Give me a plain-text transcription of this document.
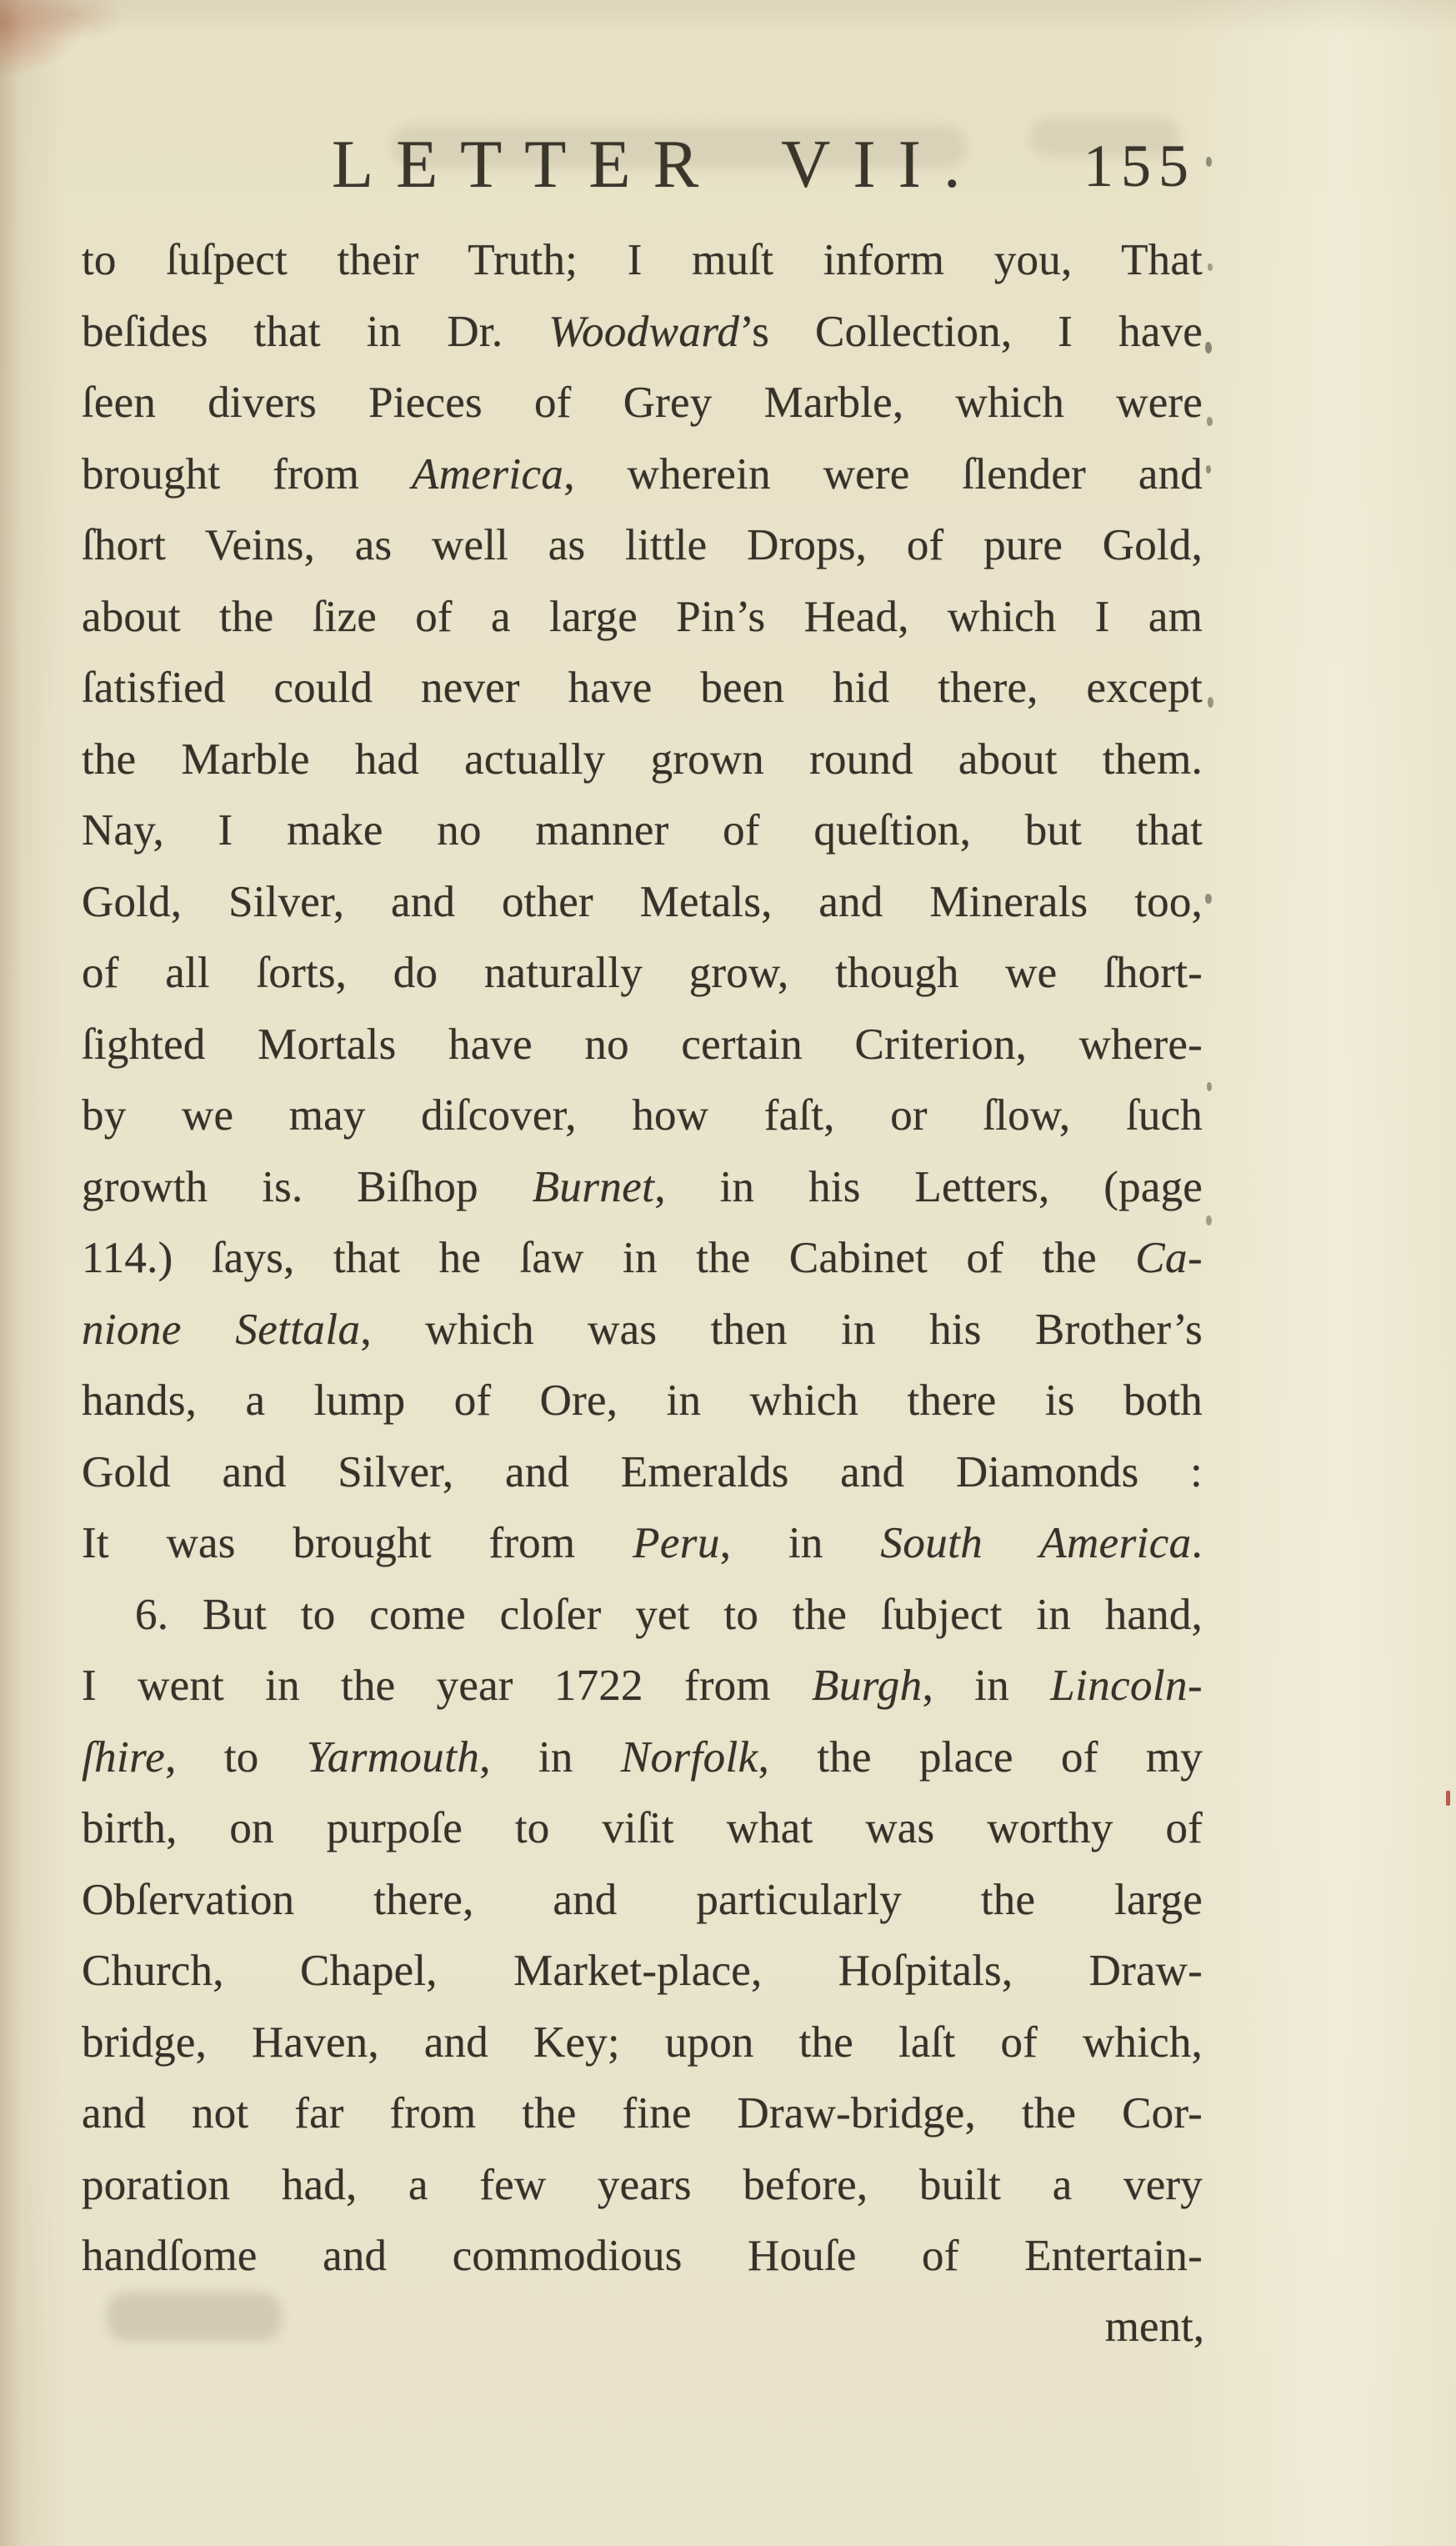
LETTER VII. 155
to ſuſpect their Truth; I muſt inform you, That
beſides that in Dr. Woodward’s Collection, I have
ſeen divers Pieces of Grey Marble, which were
brought from America, wherein were ſlender and
ſhort Veins, as well as little Drops, of pure Gold,
about the ſize of a large Pin’s Head, which I am
ſatisfied could never have been hid there, except
the Marble had actually grown round about them.
Nay, I make no manner of queſtion, but that
Gold, Silver, and other Metals, and Minerals too,
of all ſorts, do naturally grow, though we ſhort-
ſighted Mortals have no certain Criterion, where-
by we may diſcover, how faſt, or ſlow, ſuch
growth is. Biſhop Burnet, in his Letters, (page
114.) ſays, that he ſaw in the Cabinet of the Ca-
nione Settala, which was then in his Brother’s
hands, a lump of Ore, in which there is both
Gold and Silver, and Emeralds and Diamonds :
It was brought from Peru, in South America.
6. But to come cloſer yet to the ſubject in hand,
I went in the year 1722 from Burgh, in Lincoln-
ſhire, to Yarmouth, in Norfolk, the place of my
birth, on purpoſe to viſit what was worthy of
Obſervation there, and particularly the large
Church, Chapel, Market-place, Hoſpitals, Draw-
bridge, Haven, and Key; upon the laſt of which,
and not far from the fine Draw-bridge, the Cor-
poration had, a few years before, built a very
handſome and commodious Houſe of Entertain-
ment,
